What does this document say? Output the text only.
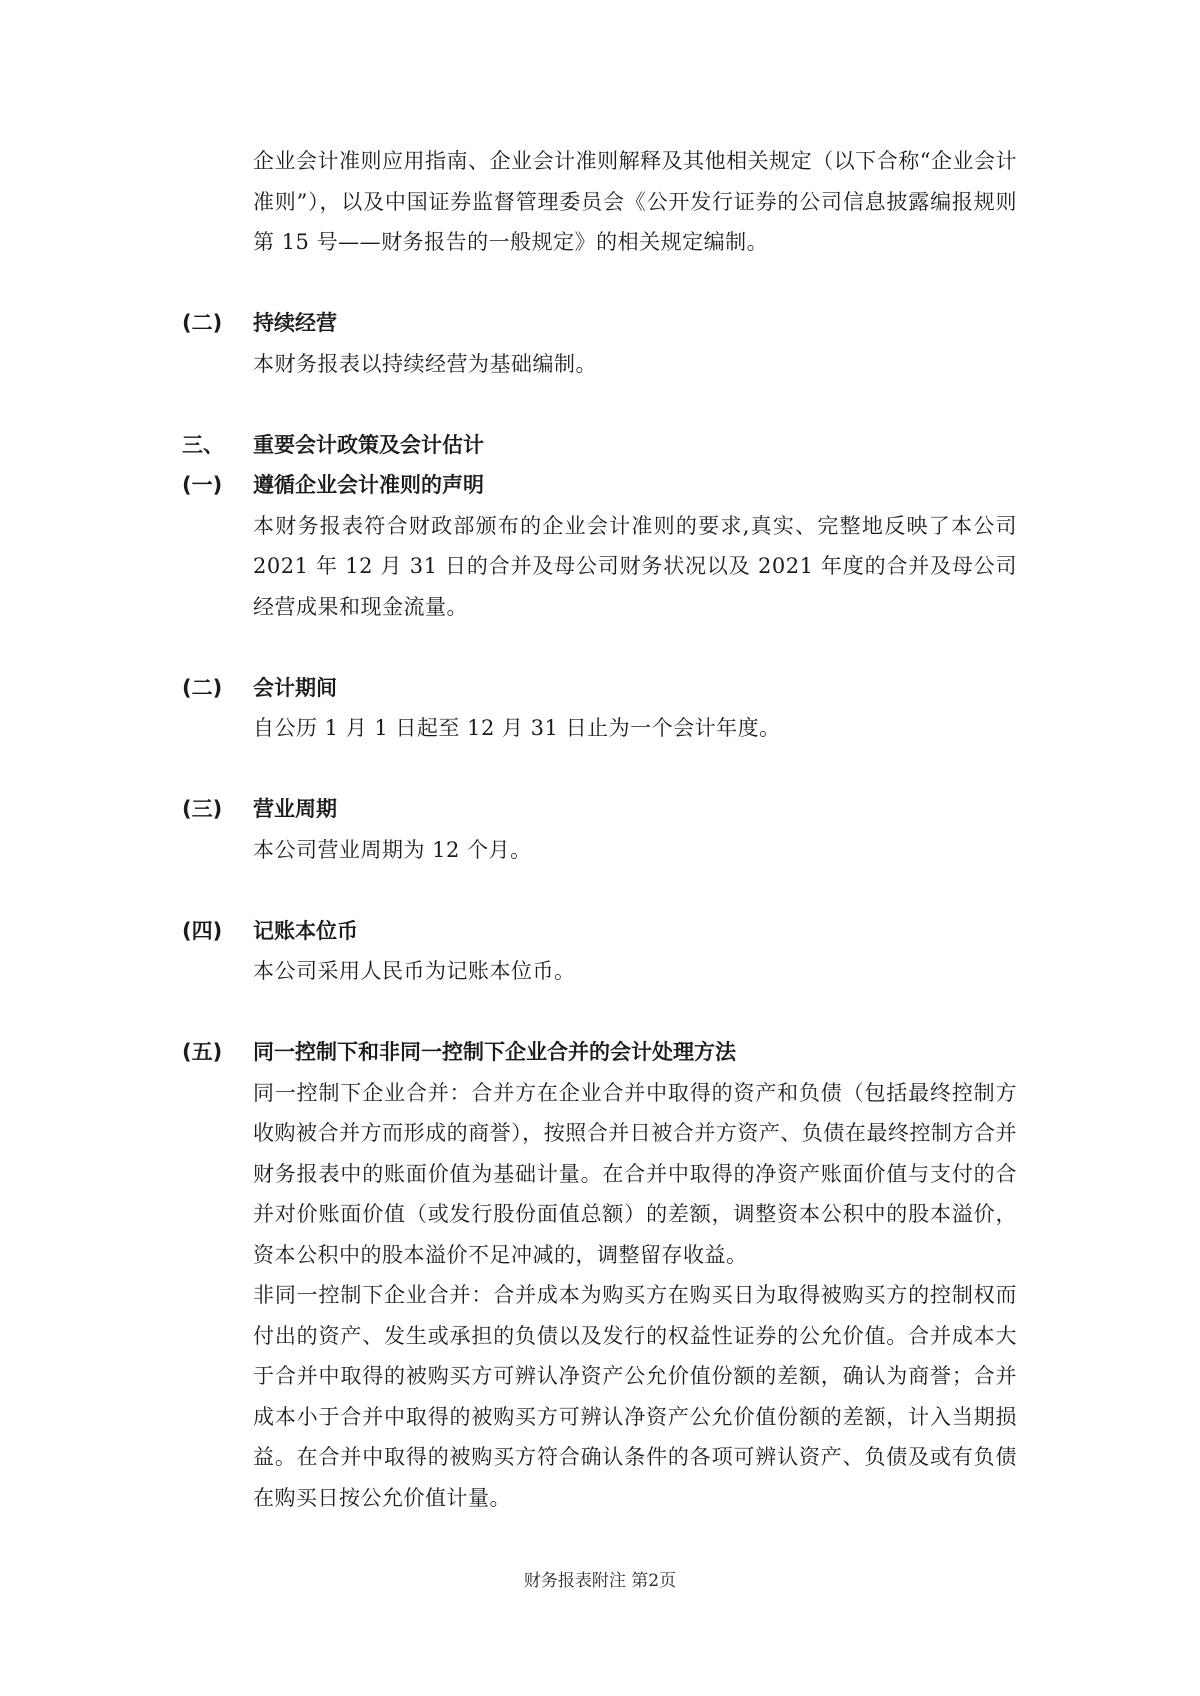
企业会计准则应用指南、企业会计准则解释及其他相关规定（以下合称“企业会计准则”），以及中国证券监督管理委员会《公开发行证券的公司信息披露编报规则第 15 号——财务报告的一般规定》的相关规定编制。

(二)	持续经营

本财务报表以持续经营为基础编制。

三、	重要会计政策及会计估计
(一)	遵循企业会计准则的声明

本财务报表符合财政部颁布的企业会计准则的要求,真实、完整地反映了本公司 2021 年 12 月 31 日的合并及母公司财务状况以及 2021 年度的合并及母公司经营成果和现金流量。

(二)	会计期间

自公历 1 月 1 日起至 12 月 31 日止为一个会计年度。

(三)	营业周期

本公司营业周期为 12 个月。

(四)	记账本位币

本公司采用人民币为记账本位币。

(五)	同一控制下和非同一控制下企业合并的会计处理方法

同一控制下企业合并：合并方在企业合并中取得的资产和负债（包括最终控制方收购被合并方而形成的商誉），按照合并日被合并方资产、负债在最终控制方合并财务报表中的账面价值为基础计量。在合并中取得的净资产账面价值与支付的合并对价账面价值（或发行股份面值总额）的差额，调整资本公积中的股本溢价，资本公积中的股本溢价不足冲减的，调整留存收益。

非同一控制下企业合并：合并成本为购买方在购买日为取得被购买方的控制权而付出的资产、发生或承担的负债以及发行的权益性证券的公允价值。合并成本大于合并中取得的被购买方可辨认净资产公允价值份额的差额，确认为商誉；合并成本小于合并中取得的被购买方可辨认净资产公允价值份额的差额，计入当期损益。在合并中取得的被购买方符合确认条件的各项可辨认资产、负债及或有负债在购买日按公允价值计量。

财务报表附注 第2页
